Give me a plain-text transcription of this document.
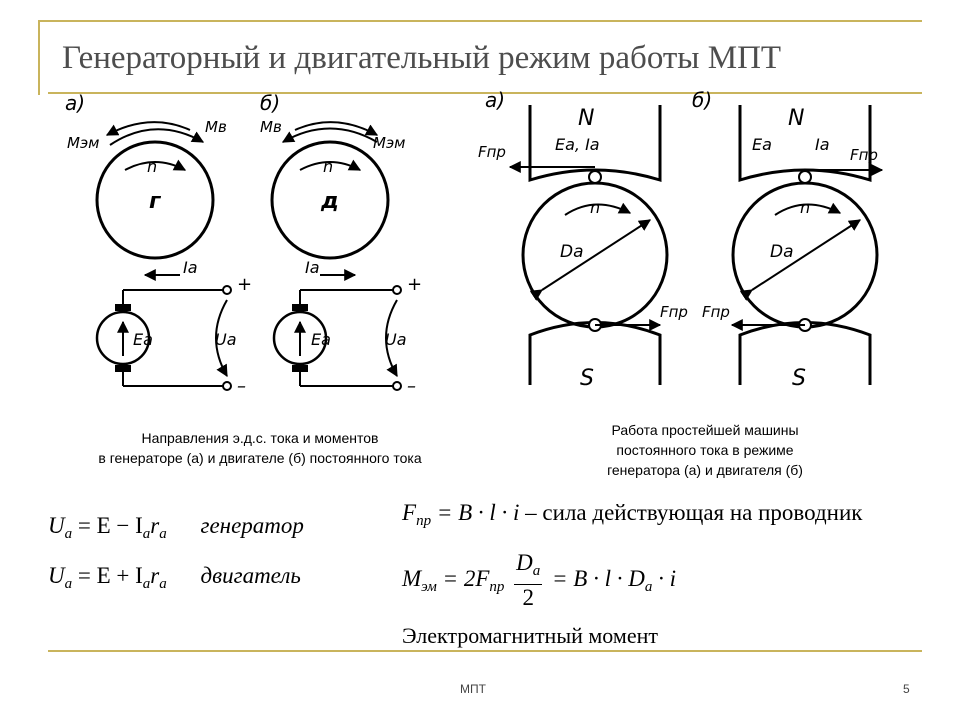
Генераторный и двигательный режим работы МПТ
а)	б)
Мэм
Мв
n
г
Ea
Ia
Ua
+
–
Мв
Мэм
n
д
Ea
Ia
Ua
+
–
Направления э.д.с. тока и моментов
в генераторе (а) и двигателе (б) постоянного тока
а)	б)
N
S
Ea, Ia
Fпр
Fпр
Da
n
N
S
Ea	Ia
Fпр
Fпр
Da
n
Работа простейшей машины
постоянного тока в режиме
генератора (а) и двигателя (б)
$U_a = E - I_ar_a$ генератор
$U_a = E + I_ar_a$ двигатель
$F_{пр} = B \cdot l \cdot i$ – сила действующая на проводник
$M_{эм} = 2F_{пр} \frac{D_a}{2} = B \cdot l \cdot D_a \cdot i$
Электромагнитный момент
МПТ	5
